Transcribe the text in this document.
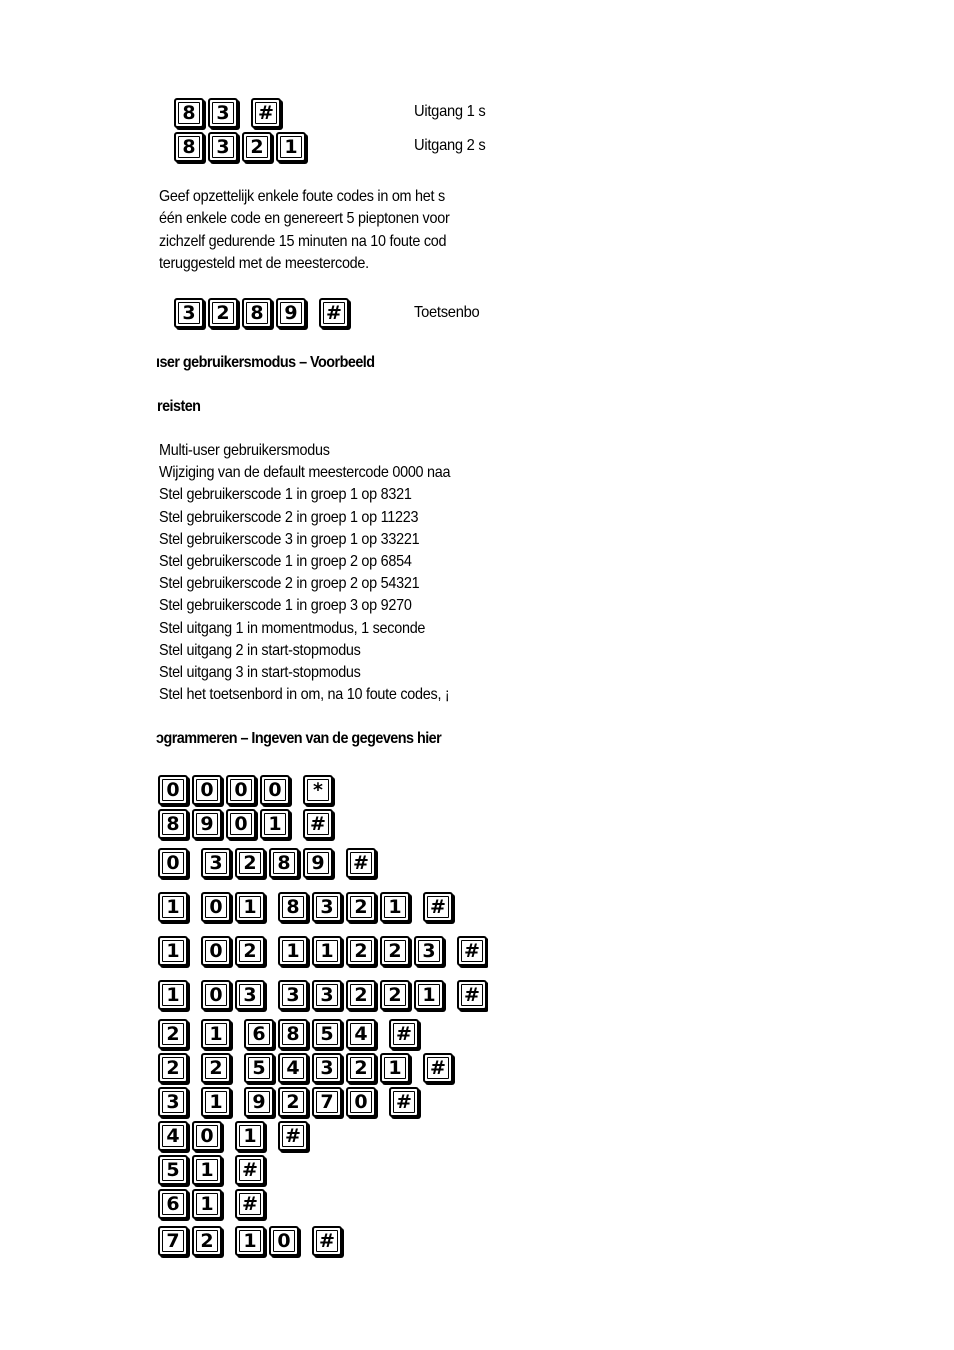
8	3	#	Uitgang 1 s
8	3	2	1	Uitgang 2 s
Geef opzettelijk enkele foute codes in om het s
één enkele code en genereert 5 pieptonen voor
zichzelf gedurende 15 minuten na 10 foute cod
teruggesteld met de meestercode.
3	2	8	9	#	Toetsenbo
ıser gebruikersmodus – Voorbeeld
reisten
Multi-user gebruikersmodus
Wijziging van de default meestercode 0000 naa
Stel gebruikerscode 1 in groep 1 op 8321
Stel gebruikerscode 2 in groep 1 op 11223
Stel gebruikerscode 3 in groep 1 op 33221
Stel gebruikerscode 1 in groep 2 op 6854
Stel gebruikerscode 2 in groep 2 op 54321
Stel gebruikerscode 1 in groep 3 op 9270
Stel uitgang 1 in momentmodus, 1 seconde
Stel uitgang 2 in start-stopmodus
Stel uitgang 3 in start-stopmodus
Stel het toetsenbord in om, na 10 foute codes, ¡
ɔgrammeren – Ingeven van de gegevens hier
0	0	0	0	*
8	9	0	1	#
0	3	2	8	9	#
1	0	1	8	3	2	1	#
1	0	2	1	1	2	2	3	#
1	0	3	3	3	2	2	1	#
2	1	6	8	5	4	#
2	2	5	4	3	2	1	#
3	1	9	2	7	0	#
4	0	1	#
5	1	#
6	1	#
7	2	1	0	#
